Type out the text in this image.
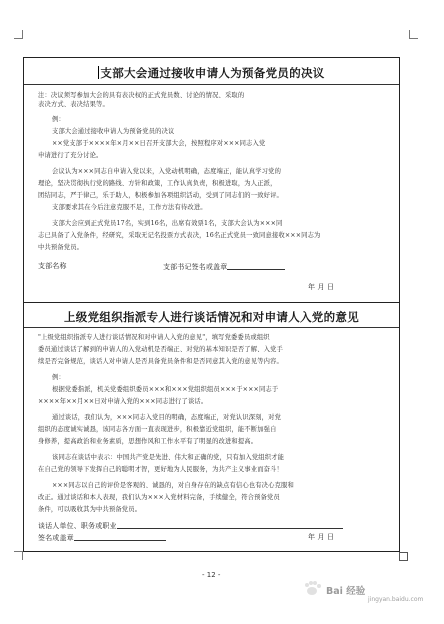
支部大会通过接收申请人为预备党员的决议
注：决议须写参加大会的具有表决权的正式党员数、讨论的情况、采取的
表决方式、表决结果等。
例：
支部大会通过接收申请人为预备党员的决议
××党支部于××××年×月××日召开支部大会，按照程序对×××同志入党
申请进行了充分讨论。
会议认为×××同志自申请入党以来，入党动机明确，态度端正，能认真学习党的
理论，坚决贯彻执行党的路线、方针和政策，工作认真负责，积极进取，为人正派，
团结同志，严于律己，乐于助人，积极参加各项组织活动，受到了同志们的一致好评。
支部要求其在今后注意克服不足，工作方法有待改进。
支部大会应到正式党员17名，实到16名，出席有效票1名，支部大会认为×××同
志已具备了入党条件，经研究，采取无记名投票方式表决，16名正式党员一致同意接收×××同志为
中共预备党员。
支部名称	支部书记签名或盖章
年 月 日
上级党组织指派专人进行谈话情况和对申请人入党的意见
"上级党组织指派专人进行谈话情况和对申请人入党的意见"，填写党委委员或组织
委员通过谈话了解到的申请人的入党动机是否端正、对党的基本知识是否了解、入党手
续是否完备规范，谈话人对申请人是否具备党员条件和是否同意其入党的意见等内容。
例：
根据党委指派，机关党委组织委员×××和×××党组织组员×××于×××同志于
××××年××月××日对申请入党的×××同志进行了谈话。
通过谈话，我们认为，×××同志入党目的明确，态度端正，对党认识深刻，对党
组织的态度诚实诚恳，该同志各方面一直表现进步，积极靠近党组织，能不断加强自
身修养，提高政治和业务素质，思想作风和工作水平有了明显的改进和提高。
该同志在谈话中表示：中国共产党是先进、伟大和正确的党，只有加入党组织才能
在自己党的领导下发挥自己的聪明才智，更好地为人民服务，为共产主义事业而奋斗！
×××同志以自己的评价是客观的、诚恳的，对自身存在的缺点有信心也有决心克服和
改正。通过谈话和本人表现，我们认为×××入党材料完备，手续健全，符合预备党员
条件，可以吸收其为中共预备党员。
谈话人单位、职务或职业
签名或盖章	年 月 日
- 12 -
Bai 经验
jingyan.baidu.com
